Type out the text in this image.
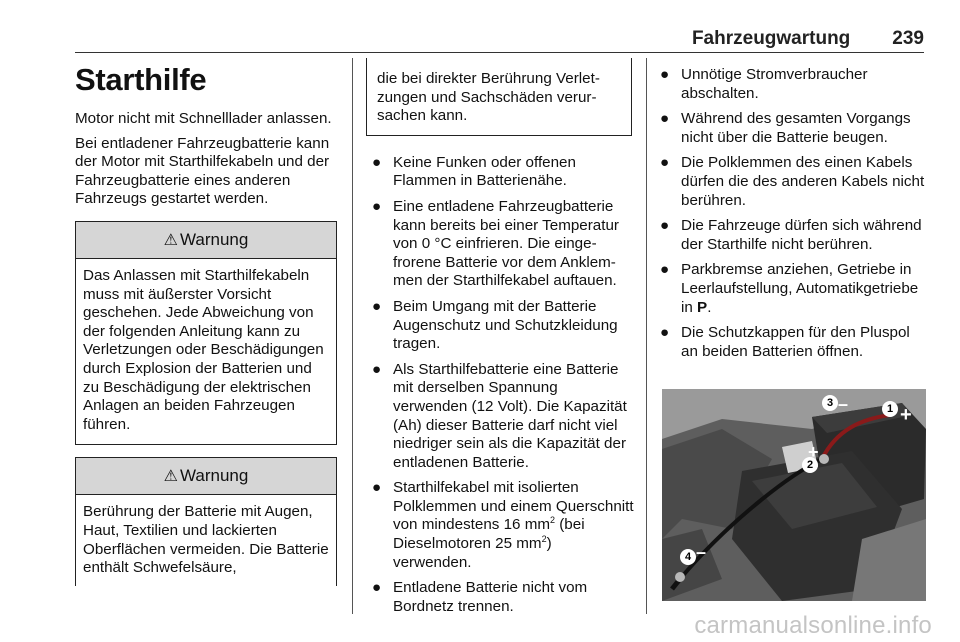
Fahrzeugwartung 239
Starthilfe

Motor nicht mit Schnelllader anlassen.

Bei entladener Fahrzeugbatterie kann der Motor mit Starthilfekabeln und der Fahrzeugbatterie eines anderen Fahrzeugs gestartet werden.

⚠ Warnung
Das Anlassen mit Starthilfekabeln muss mit äußerster Vorsicht geschehen. Jede Abweichung von der folgenden Anleitung kann zu Verletzungen oder Beschädigungen durch Explosion der Batterien und zu Beschädigung der elektrischen Anlagen an beiden Fahrzeugen führen.
⚠ Warnung
Berührung der Batterie mit Augen, Haut, Textilien und lackierten Oberflächen vermeiden. Die Batterie enthält Schwefelsäure,
die bei direkter Berührung Verletzungen und Sachschäden verursachen kann.
● Keine Funken oder offenen Flammen in Batterienähe.
● Eine entladene Fahrzeugbatterie kann bereits bei einer Temperatur von 0 °C einfrieren. Die eingefrorene Batterie vor dem Anklemmen der Starthilfekabel auftauen.
● Beim Umgang mit der Batterie Augenschutz und Schutzkleidung tragen.
● Als Starthilfebatterie eine Batterie mit derselben Spannung verwenden (12 Volt). Die Kapazität (Ah) dieser Batterie darf nicht viel niedriger sein als die Kapazität der entladenen Batterie.
● Starthilfekabel mit isolierten Polklemmen und einem Querschnitt von mindestens 16 $mm^2$ (bei Dieselmotoren 25 $mm^2$) verwenden.
● Entladene Batterie nicht vom Bordnetz trennen.
● Unnötige Stromverbraucher abschalten.
● Während des gesamten Vorgangs nicht über die Batterie beugen.
● Die Polklemmen des einen Kabels dürfen die des anderen Kabels nicht berühren.
● Die Fahrzeuge dürfen sich während der Starthilfe nicht berühren.
● Parkbremse anziehen, Getriebe in Leerlaufstellung, Automatikgetriebe in P.
● Die Schutzkappen für den Pluspol an beiden Batterien öffnen.
1
2
3
4
+
+
–
–
carmanualsonline.info
